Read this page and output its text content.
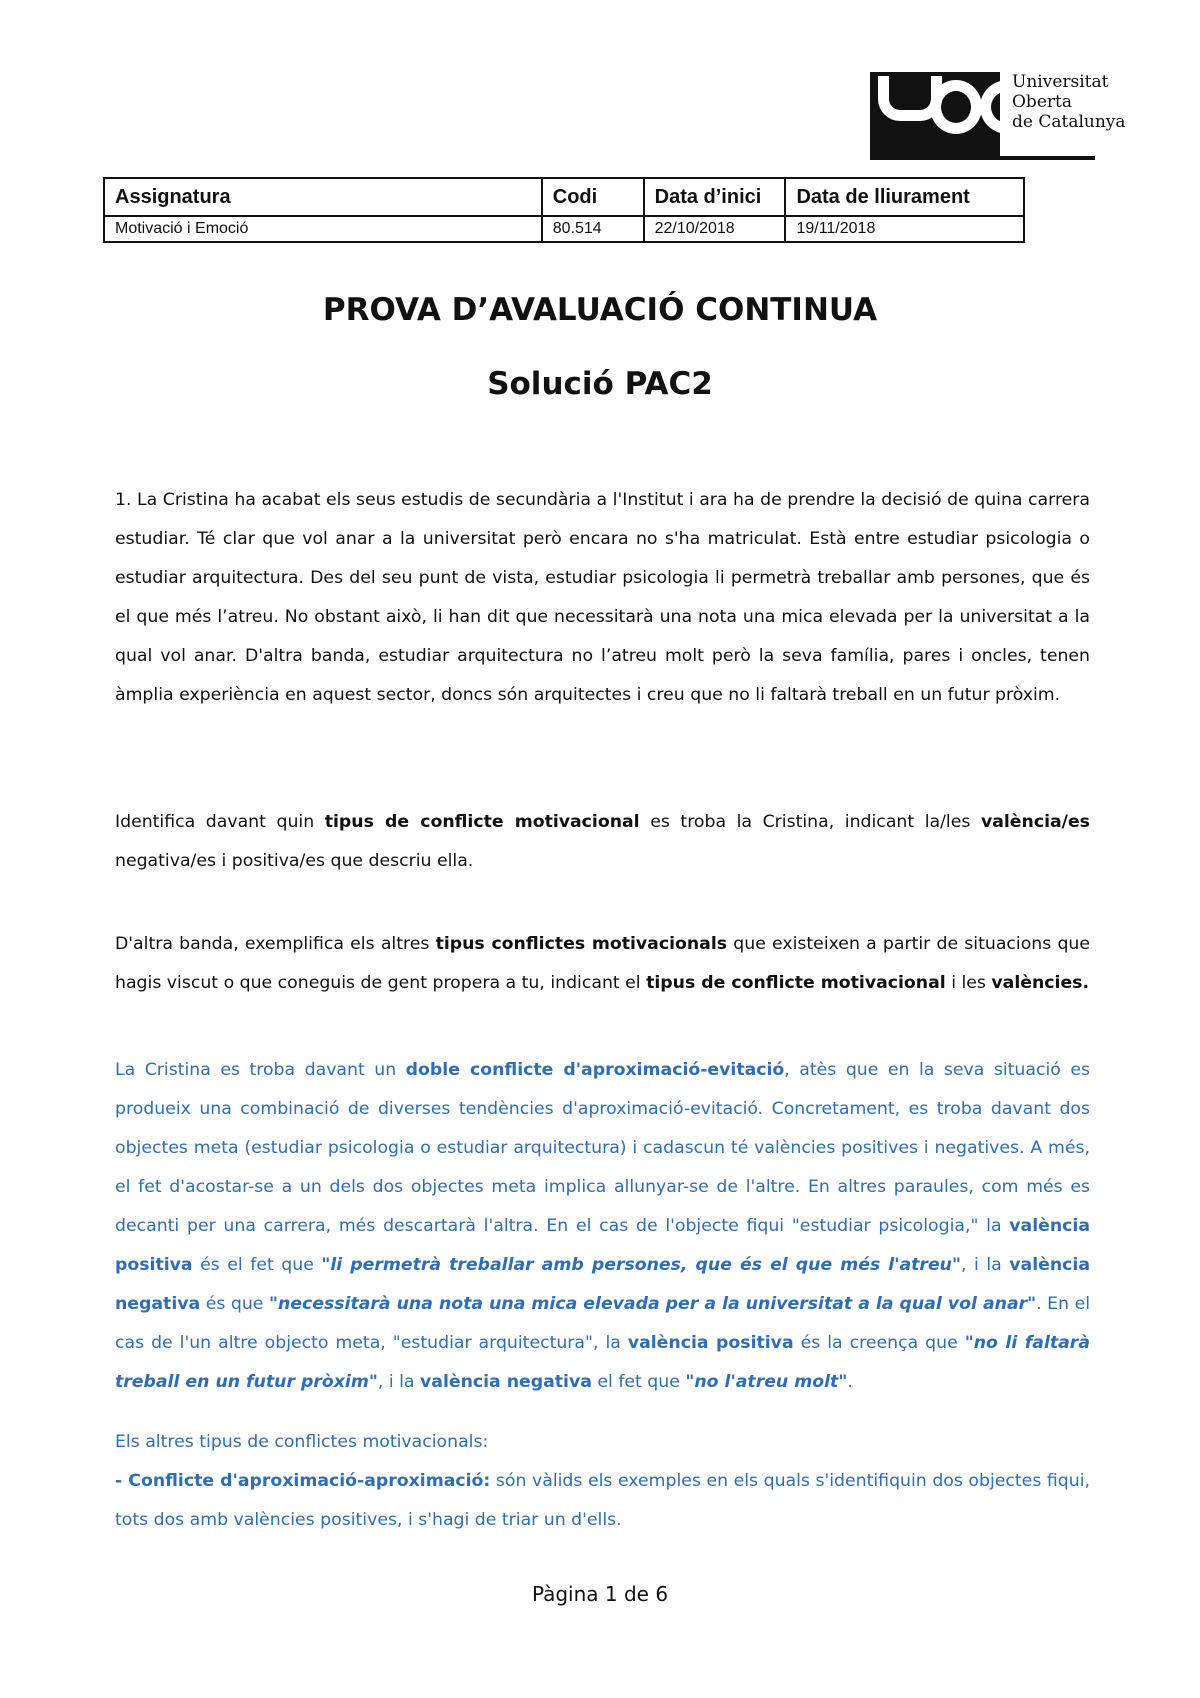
Universitat
Oberta
de Catalunya
Assignatura	Codi	Data d’inici	Data de lliurament
Motivació i Emoció	80.514	22/10/2018	19/11/2018
PROVA D’AVALUACIÓ CONTINUA
Solució PAC2
1. La Cristina ha acabat els seus estudis de secundària a l'Institut i ara ha de prendre la decisió de quina carrera estudiar. Té clar que vol anar a la universitat però encara no s'ha matriculat. Està entre estudiar psicologia o estudiar arquitectura. Des del seu punt de vista, estudiar psicologia li permetrà treballar amb persones, que és el que més l’atreu. No obstant això, li han dit que necessitarà una nota una mica elevada per la universitat a la qual vol anar. D'altra banda, estudiar arquitectura no l’atreu molt però la seva família, pares i oncles, tenen àmplia experiència en aquest sector, doncs són arquitectes i creu que no li faltarà treball en un futur pròxim.
Identifica davant quin tipus de conflicte motivacional es troba la Cristina, indicant la/les valència/es negativa/es i positiva/es que descriu ella.
D'altra banda, exemplifica els altres tipus conflictes motivacionals que existeixen a partir de situacions que hagis viscut o que coneguis de gent propera a tu, indicant el tipus de conflicte motivacional i les valències.
La Cristina es troba davant un doble conflicte d'aproximació-evitació, atès que en la seva situació es produeix una combinació de diverses tendències d'aproximació-evitació. Concretament, es troba davant dos objectes meta (estudiar psicologia o estudiar arquitectura) i cadascun té valències positives i negatives. A més, el fet d'acostar-se a un dels dos objectes meta implica allunyar-se de l'altre. En altres paraules, com més es decanti per una carrera, més descartarà l'altra. En el cas de l'objecte fiqui "estudiar psicologia," la valència positiva és el fet que "li permetrà treballar amb persones, que és el que més l'atreu", i la valència negativa és que "necessitarà una nota una mica elevada per a la universitat a la qual vol anar". En el cas de l'un altre objecto meta, "estudiar arquitectura", la valència positiva és la creença que "no li faltarà treball en un futur pròxim", i la valència negativa el fet que "no l'atreu molt".
Els altres tipus de conflictes motivacionals:
- Conflicte d'aproximació-aproximació: són vàlids els exemples en els quals s'identifiquin dos objectes fiqui, tots dos amb valències positives, i s'hagi de triar un d'ells.
Pàgina 1 de 6
